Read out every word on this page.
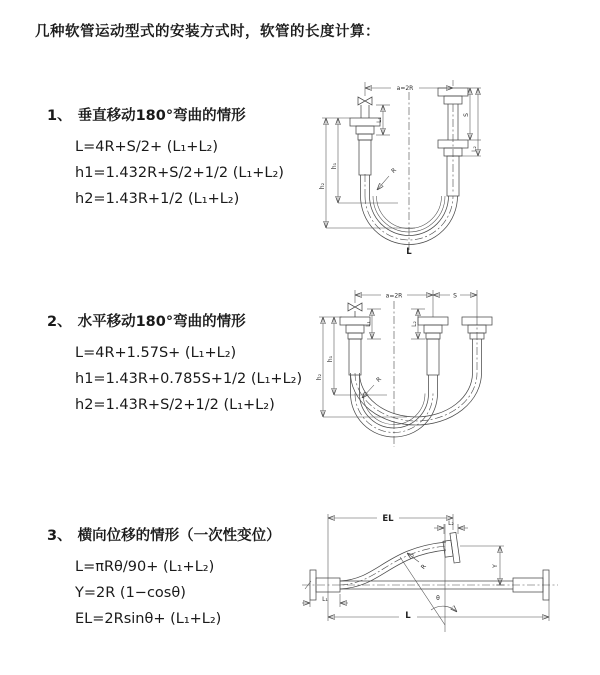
几种软管运动型式的安装方式时，软管的长度计算：
1、 垂直移动180°弯曲的情形
L=4R+S/2+ (L₁+L₂)
h1=1.432R+S/2+1/2 (L₁+L₂)
h2=1.43R+1/2 (L₁+L₂)
2、 水平移动180°弯曲的情形
L=4R+1.57S+ (L₁+L₂)
h1=1.43R+0.785S+1/2 (L₁+L₂)
h2=1.43R+S/2+1/2 (L₁+L₂)
3、 横向位移的情形（一次性变位）
L=πRθ/90+ (L₁+L₂)
Y=2R (1−cosθ)
EL=2Rsinθ+ (L₁+L₂)
a=2R
h₁
h₂
L₁
S
L₂
R
L
a=2R	S
h₁
h₂
L₁	L₂
R
θ
R
EL	L₂
Y
L
L₁
